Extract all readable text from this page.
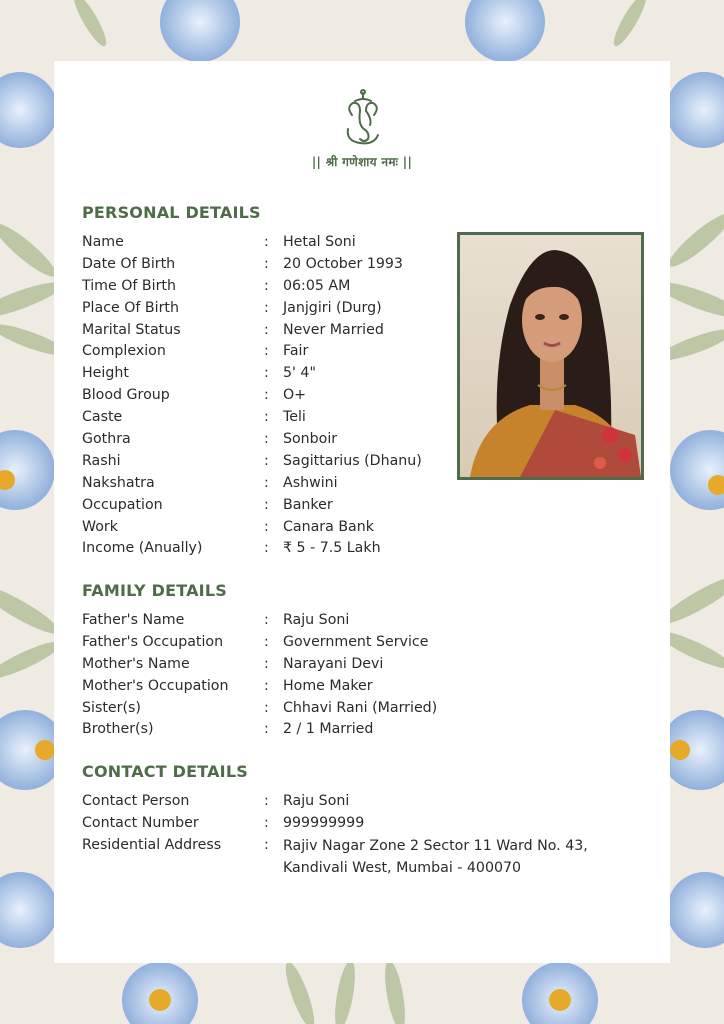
|| श्री गणेशाय नमः ||
PERSONAL DETAILS
Name	: Hetal Soni
Date Of Birth	: 20 October 1993
Time Of Birth	: 06:05 AM
Place Of Birth	: Janjgiri (Durg)
Marital Status	: Never Married
Complexion	: Fair
Height	: 5' 4"
Blood Group	: O+
Caste	: Teli
Gothra	: Sonboir
Rashi	: Sagittarius (Dhanu)
Nakshatra	: Ashwini
Occupation	: Banker
Work	: Canara Bank
Income (Anually)	: ₹ 5 - 7.5 Lakh
FAMILY DETAILS
Father's Name	: Raju Soni
Father's Occupation	: Government Service
Mother's Name	: Narayani Devi
Mother's Occupation	: Home Maker
Sister(s)	: Chhavi Rani (Married)
Brother(s)	: 2 / 1 Married
CONTACT DETAILS
Contact Person	: Raju Soni
Contact Number	: 999999999
Residential Address	: Rajiv Nagar Zone 2 Sector 11 Ward No. 43, Kandivali West, Mumbai - 400070
